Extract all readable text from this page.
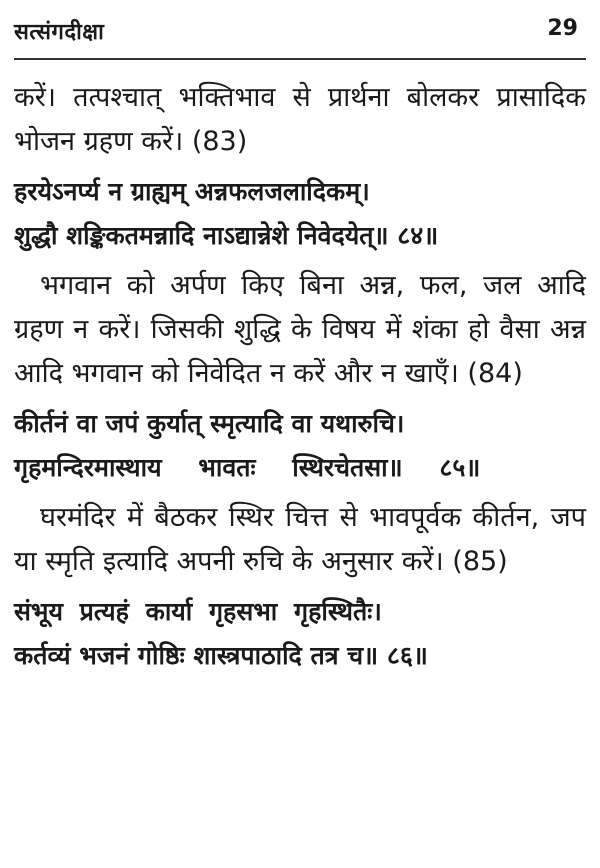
सत्संगदीक्षा	29

करें। तत्पश्चात् भक्तिभाव से प्रार्थना बोलकर प्रासादिक भोजन ग्रहण करें। (83)

हरयेऽनर्प्य न ग्राह्यम् अन्नफलजलादिकम्।
शुद्धौ शङ्किकतमन्नादि नाऽद्यान्नेशे निवेदयेत्॥ ८४॥

भगवान को अर्पण किए बिना अन्न, फल, जल आदि ग्रहण न करें। जिसकी शुद्धि के विषय में शंका हो वैसा अन्न आदि भगवान को निवेदित न करें और न खाएँ। (84)

कीर्तनं वा जपं कुर्यात् स्मृत्यादि वा यथारुचि।
गृहमन्दिरमास्थाय भावतः स्थिरचेतसा॥ ८५॥

घरमंदिर में बैठकर स्थिर चित्त से भावपूर्वक कीर्तन, जप या स्मृति इत्यादि अपनी रुचि के अनुसार करें। (85)

संभूय प्रत्यहं कार्या गृहसभा गृहस्थितैः।
कर्तव्यं भजनं गोष्ठिः शास्त्रपाठादि तत्र च॥ ८६॥
